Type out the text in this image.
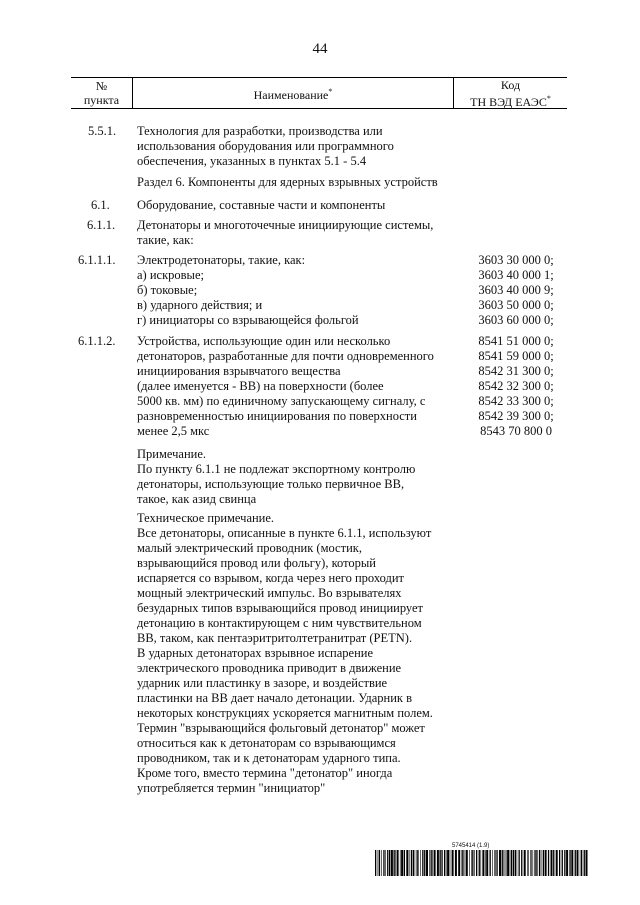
44
№
пункта	Наименование*	Код
ТН ВЭД ЕАЭС*
5.5.1. Технология для разработки, производства или
использования оборудования или программного
обеспечения, указанных в пунктах 5.1 - 5.4
Раздел 6. Компоненты для ядерных взрывных устройств
6.1. Оборудование, составные части и компоненты
6.1.1. Детонаторы и многоточечные инициирующие системы,
такие, как:
6.1.1.1. Электродетонаторы, такие, как:
а) искровые;
б) токовые;
в) ударного действия; и
г) инициаторы со взрывающейся фольгой
3603 30 000 0;
3603 40 000 1;
3603 40 000 9;
3603 50 000 0;
3603 60 000 0;
6.1.1.2. Устройства, использующие один или несколько
детонаторов, разработанные для почти одновременного
инициирования взрывчатого вещества
(далее именуется - ВВ) на поверхности (более
5000 кв. мм) по единичному запускающему сигналу, с
разновременностью инициирования по поверхности
менее 2,5 мкс
8541 51 000 0;
8541 59 000 0;
8542 31 300 0;
8542 32 300 0;
8542 33 300 0;
8542 39 300 0;
8543 70 800 0
Примечание.
По пункту 6.1.1 не подлежат экспортному контролю
детонаторы, использующие только первичное ВВ,
такое, как азид свинца
Техническое примечание.
Все детонаторы, описанные в пункте 6.1.1, используют
малый электрический проводник (мостик,
взрывающийся провод или фольгу), который
испаряется со взрывом, когда через него проходит
мощный электрический импульс. Во взрывателях
безударных типов взрывающийся провод инициирует
детонацию в контактирующем с ним чувствительном
ВВ, таком, как пентаэритритолтетранитрат (PETN).
В ударных детонаторах взрывное испарение
электрического проводника приводит в движение
ударник или пластинку в зазоре, и воздействие
пластинки на ВВ дает начало детонации. Ударник в
некоторых конструкциях ускоряется магнитным полем.
Термин "взрывающийся фольговый детонатор" может
относиться как к детонаторам со взрывающимся
проводником, так и к детонаторам ударного типа.
Кроме того, вместо термина "детонатор" иногда
употребляется термин "инициатор"
5745414 (1.9)
